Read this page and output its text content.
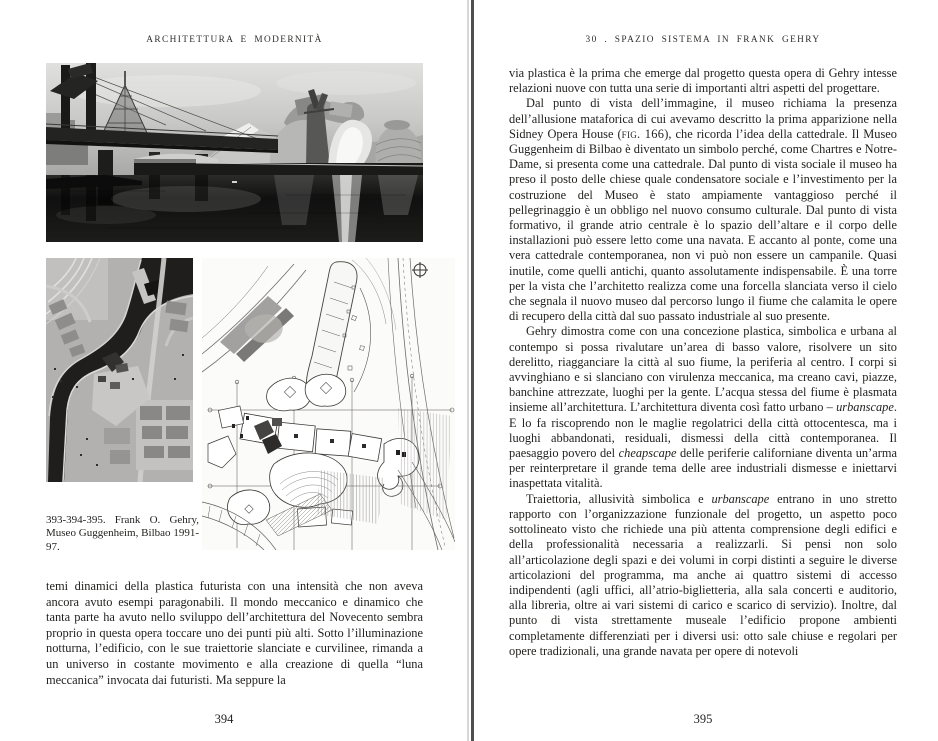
ARCHITETTURA E MODERNITÀ
393-394-395. Frank O. Gehry, Museo Guggenheim, Bilbao 1991-97.

temi dinamici della plastica futurista con una intensità che non aveva ancora avuto esempi paragonabili. Il mondo meccanico e dinamico che tanta parte ha avuto nello sviluppo dell’architettura del Novecento sembra proprio in questa opera toccare uno dei punti più alti. Sotto l’illuminazione notturna, l’edificio, con le sue traiettorie slanciate e curvilinee, rimanda a un universo in costante movimento e alla creazione di quella “luna meccanica” invocata dai futuristi. Ma seppure la

394
30 . SPAZIO SISTEMA IN FRANK GEHRY

via plastica è la prima che emerge dal progetto questa opera di Gehry intesse relazioni nuove con tutta una serie di importanti altri aspetti del progettare.

Dal punto di vista dell’immagine, il museo richiama la presenza dell’allusione mataforica di cui avevamo descritto la prima apparizione nella Sidney Opera House (fig. 166), che ricorda l’idea della cattedrale. Il Museo Guggenheim di Bilbao è diventato un simbolo perché, come Chartres e Notre-Dame, si presenta come una cattedrale. Dal punto di vista sociale il museo ha preso il posto delle chiese quale condensatore sociale e l’investimento per la costruzione del Museo è stato ampiamente vantaggioso perché il pellegrinaggio è un obbligo nel nuovo consumo culturale. Dal punto di vista formativo, il grande atrio centrale è lo spazio dell’altare e il corpo delle installazioni può essere letto come una navata. E accanto al ponte, come una vera cattedrale contemporanea, non vi può non essere un campanile. Quasi inutile, come quelli antichi, quanto assolutamente indispensabile. È una torre per la vista che l’architetto realizza come una forcella slanciata verso il cielo che segnala il nuovo museo dal percorso lungo il fiume che calamita le opere di recupero della città dal suo passato industriale al suo presente.

Gehry dimostra come con una concezione plastica, simbolica e urbana al contempo si possa rivalutare un’area di basso valore, risolvere un sito derelitto, riagganciare la città al suo fiume, la periferia al centro. I corpi si avvinghiano e si slanciano con virulenza meccanica, ma creano cavi, piazze, banchine attrezzate, luoghi per la gente. L’acqua stessa del fiume è plasmata insieme all’architettura. L’architettura diventa così fatto urbano – urbanscape. E lo fa riscoprendo non le maglie regolatrici della città ottocentesca, ma i luoghi abbandonati, residuali, dismessi della città contemporanea. Il paesaggio povero del cheapscape delle periferie californiane diventa un’arma per reinterpretare il grande tema delle aree industriali dismesse e iniettarvi inaspettata vitalità.

Traiettoria, allusività simbolica e urbanscape entrano in uno stretto rapporto con l’organizzazione funzionale del progetto, un aspetto poco sottolineato visto che richiede una più attenta comprensione degli edifici e della professionalità necessaria a realizzarli. Si pensi non solo all’articolazione degli spazi e dei volumi in corpi distinti a seguire le diverse articolazioni del programma, ma anche ai quattro sistemi di accesso indipendenti (agli uffici, all’atrio-biglietteria, alla sala concerti e auditorio, alla libreria, oltre ai vari sistemi di carico e scarico di servizio). Inoltre, dal punto di vista strettamente museale l’edificio propone ambienti completamente differenziati per i diversi usi: otto sale chiuse e regolari per opere tradizionali, una grande navata per opere di notevoli

395
